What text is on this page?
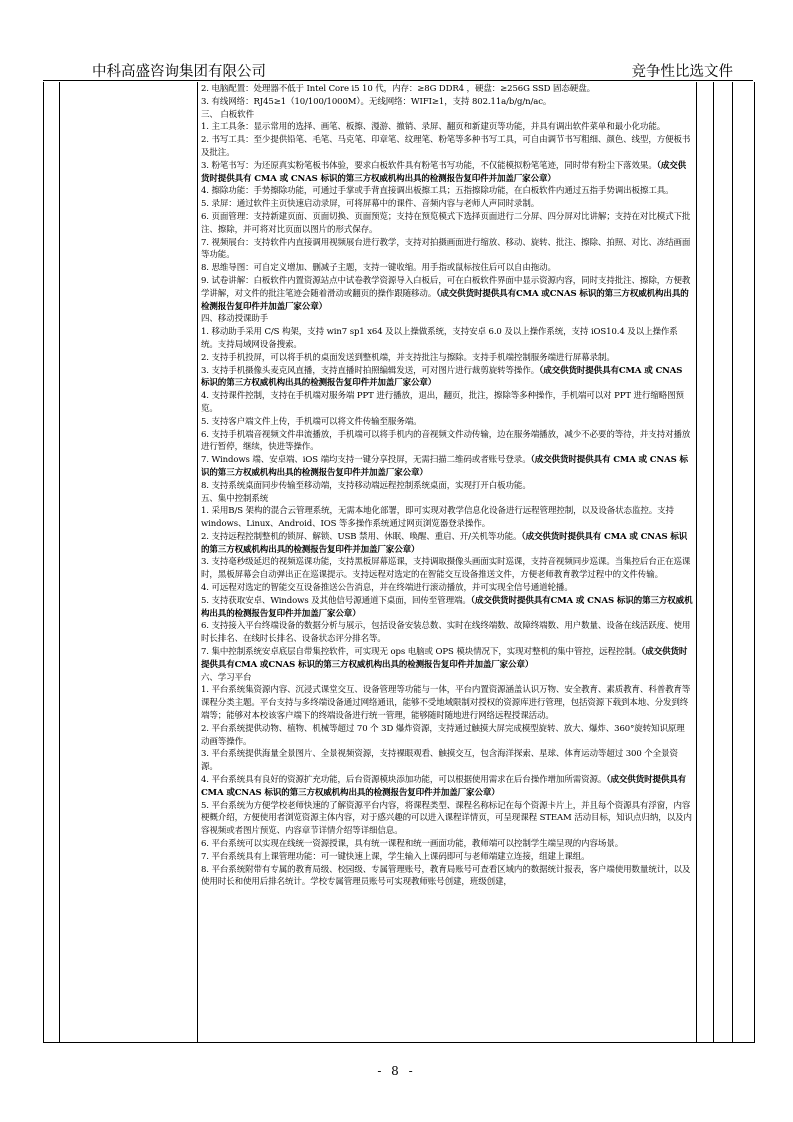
中科高盛咨询集团有限公司	竞争性比选文件

2. 电脑配置：处理器不低于 Intel Core i5 10 代，内存：≥8G DDR4 ，硬盘：≥256G SSD 固态硬盘。

3. 有线网络：RJ45≥1（10/100/1000M）。无线网络：WIFI≥1，支持 802.11a/b/g/n/ac。

三、 白板软件

1. 主工具条：显示常用的选择、画笔、板擦、漫游、撤销、录屏、翻页和新建页等功能，并具有调出软件菜单和最小化功能。

2. 书写工具：至少提供铅笔、毛笔、马克笔、印章笔、纹理笔、粉笔等多种书写工具，可自由调节书写粗细、颜色、线型，方便板书及批注。

3. 粉笔书写：为还原真实粉笔板书体验，要求白板软件具有粉笔书写功能，不仅能模拟粉笔笔迹，同时带有粉尘下落效果。（成交供货时提供具有 CMA 或 CNAS 标识的第三方权威机构出具的检测报告复印件并加盖厂家公章）

4. 擦除功能：手势擦除功能，可通过手掌或手背直接调出板擦工具；五指擦除功能，在白板软件内通过五指手势调出板擦工具。

5. 录屏：通过软件主页快速启动录屏，可将屏幕中的课件、音频内容与老师人声同时录制。

6. 页面管理：支持新建页面、页面切换、页面预览；支持在预览模式下选择页面进行二分屏、四分屏对比讲解；支持在对比模式下批注、擦除，并可将对比页面以图片的形式保存。

7. 视频展台：支持软件内直接调用视频展台进行教学，支持对拍摄画面进行缩放、移动、旋转、批注、擦除、拍照、对比、冻结画面等功能。

8. 思维导图：可自定义增加、删减子主题，支持一键收缩。用手指或鼠标按住后可以自由拖动。

9. 试卷讲解：白板软件内置资源站点中试卷教学资源导入白板后，可在白板软件界面中显示资源内容，同时支持批注、擦除，方便教学讲解，对文件的批注笔迹会随着滑动或翻页的操作跟随移动。（成交供货时提供具有CMA 或CNAS 标识的第三方权威机构出具的检测报告复印件并加盖厂家公章）

四、移动授课助手

1. 移动助手采用 C/S 构架，支持 win7 sp1 x64 及以上操做系统，支持安卓 6.0 及以上操作系统，支持 iOS10.4 及以上操作系统。支持局域网设备搜索。

2. 支持手机投屏，可以将手机的桌面发送到整机端，并支持批注与擦除。支持手机端控制服务端进行屏幕录制。

3. 支持手机摄像头麦克风直播，支持直播时拍照编辑发送，可对图片进行裁剪旋转等操作。（成交供货时提供具有CMA 或 CNAS 标识的第三方权威机构出具的检测报告复印件并加盖厂家公章）

4. 支持课件控制，支持在手机端对服务端 PPT 进行播放，退出，翻页，批注，擦除等多种操作，手机端可以对 PPT 进行缩略图预览。

5. 支持客户端文件上传，手机端可以将文件传输至服务端。

6. 支持手机端音视频文件串流播放，手机端可以将手机内的音视频文件动传输，边在服务端播放，减少不必要的等待，并支持对播放进行暂停，继续，快进等操作。

7. Windows 端、安卓端、iOS 端均支持一键分享投屏，无需扫描二维码或者账号登录。（成交供货时提供具有 CMA 或 CNAS 标识的第三方权威机构出具的检测报告复印件并加盖厂家公章）

8. 支持系统桌面同步传输至移动端，支持移动端远程控制系统桌面，实现打开白板功能。

五、集中控制系统

1. 采用B/S 架构的混合云管理系统，无需本地化部署，即可实现对教学信息化设备进行远程管理控制，以及设备状态监控。支持 windows、Linux、Android、IOS 等多操作系统通过网页浏览器登录操作。

2. 支持远程控制整机的锁屏、解锁、USB 禁用、休眠、唤醒、重启、开/关机等功能。（成交供货时提供具有 CMA 或 CNAS 标识的第三方权威机构出具的检测报告复印件并加盖厂家公章）

3. 支持毫秒级延迟的视频巡课功能，支持黑板屏幕巡课，支持调取摄像头画面实时巡课，支持音视频同步巡课。当集控后台正在巡课时，黑板屏幕会自动弹出正在巡课提示。支持远程对选定的在智能交互设备推送文件，方便老师教育教学过程中的文件传输。

4. 可远程对选定的智能交互设备推送公告消息，并在终端进行滚动播放，并可实现全信号通道轮播。

5. 支持获取安卓、Windows 及其他信号源通道下桌面，回传至管理端。（成交供货时提供具有CMA 或 CNAS 标识的第三方权威机构出具的检测报告复印件并加盖厂家公章）

6. 支持接入平台终端设备的数据分析与展示，包括设备安装总数、实时在线终端数、故障终端数、用户数量、设备在线活跃度、使用时长排名、在线时长排名、设备状态评分排名等。

7. 集中控制系统安卓底层自带集控软件，可实现无 ops 电脑或 OPS 模块情况下，实现对整机的集中管控，远程控制。（成交供货时提供具有CMA 或CNAS 标识的第三方权威机构出具的检测报告复印件并加盖厂家公章）

六、学习平台

1. 平台系统集资源内容、沉浸式课堂交互、设备管理等功能与一体，平台内置资源涵盖认识万物、安全教育、素质教育、科普教育等课程分类主题。平台支持与多终端设备通过网络通讯，能够不受地域限制对授权的资源库进行管理，包括资源下载到本地、分发到终端等；能够对本校该客户端下的终端设备进行统一管理，能够随时随地进行网络远程授课活动。

2. 平台系统提供动物、植物、机械等超过 70 个 3D 爆炸资源，支持通过触摸大屏完成模型旋转、放大、爆炸、360°旋转知识原理动画等操作。

3. 平台系统提供海量全景图片、全景视频资源，支持裸眼观看、触摸交互，包含海洋探索、星球、体育运动等超过 300 个全景资源。

4. 平台系统具有良好的资源扩充功能，后台资源模块添加功能，可以根据使用需求在后台操作增加所需资源。（成交供货时提供具有CMA 或CNAS 标识的第三方权威机构出具的检测报告复印件并加盖厂家公章）

5. 平台系统为方便学校老师快速的了解资源平台内容，将课程类型、课程名称标记在每个资源卡片上，并且每个资源具有浮窗，内容梗概介绍，方便使用者浏览资源主体内容，对于感兴趣的可以进入课程详情页，可呈现课程 STEAM 活动目标，知识点归纳，以及内容视频或者图片预览、内容章节详情介绍等详细信息。

6. 平台系统可以实现在线统一资源授课，具有统一课程和统一画面功能，教师端可以控制学生端呈现的内容场景。

7. 平台系统具有上课管理功能：可一键快速上课，学生输入上课码即可与老师端建立连接，组建上课组。

8. 平台系统附带有专属的教育局级、校园级、专属管理账号，教育局账号可查看区域内的数据统计报表，客户端使用数量统计，以及使用时长和使用后排名统计。学校专属管理员账号可实现教师账号创建，班级创建，

- 8 -
